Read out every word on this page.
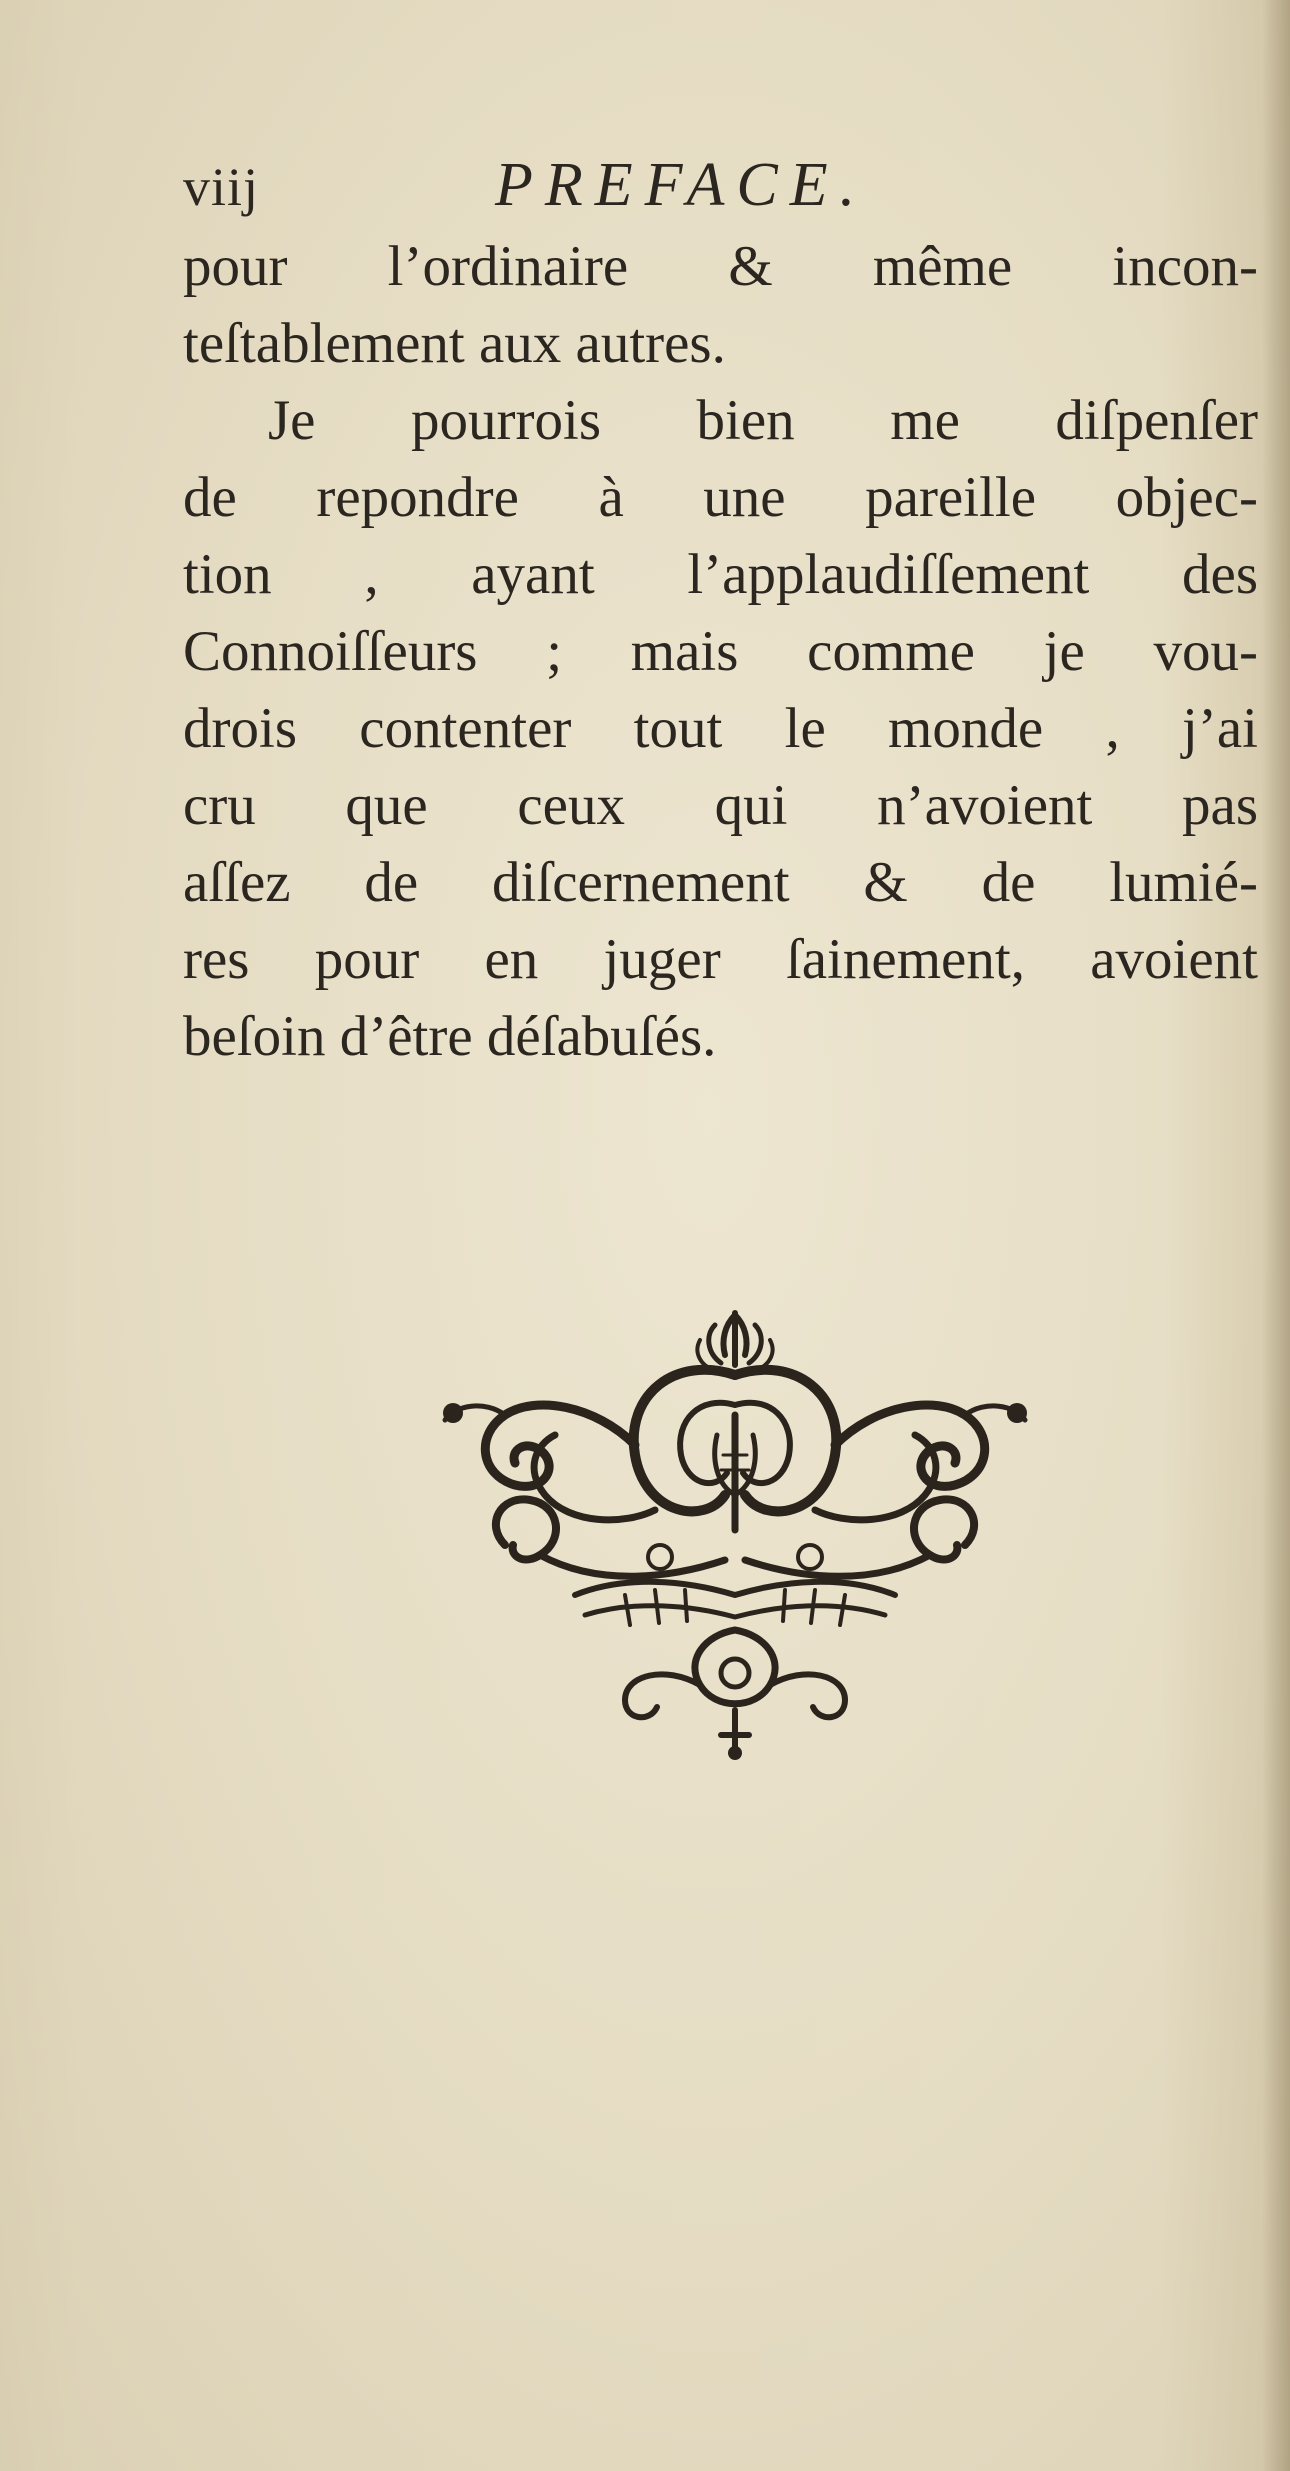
viij	PREFACE.
pour l’ordinaire & même incon-
teſtablement aux autres.
Je pourrois bien me diſpenſer
de repondre à une pareille objec-
tion , ayant l’applaudiſſement des
Connoiſſeurs ; mais comme je vou-
drois contenter tout le monde , j’ai
cru que ceux qui n’avoient pas
aſſez de diſcernement & de lumié-
res pour en juger ſainement, avoient
beſoin d’être déſabuſés.
